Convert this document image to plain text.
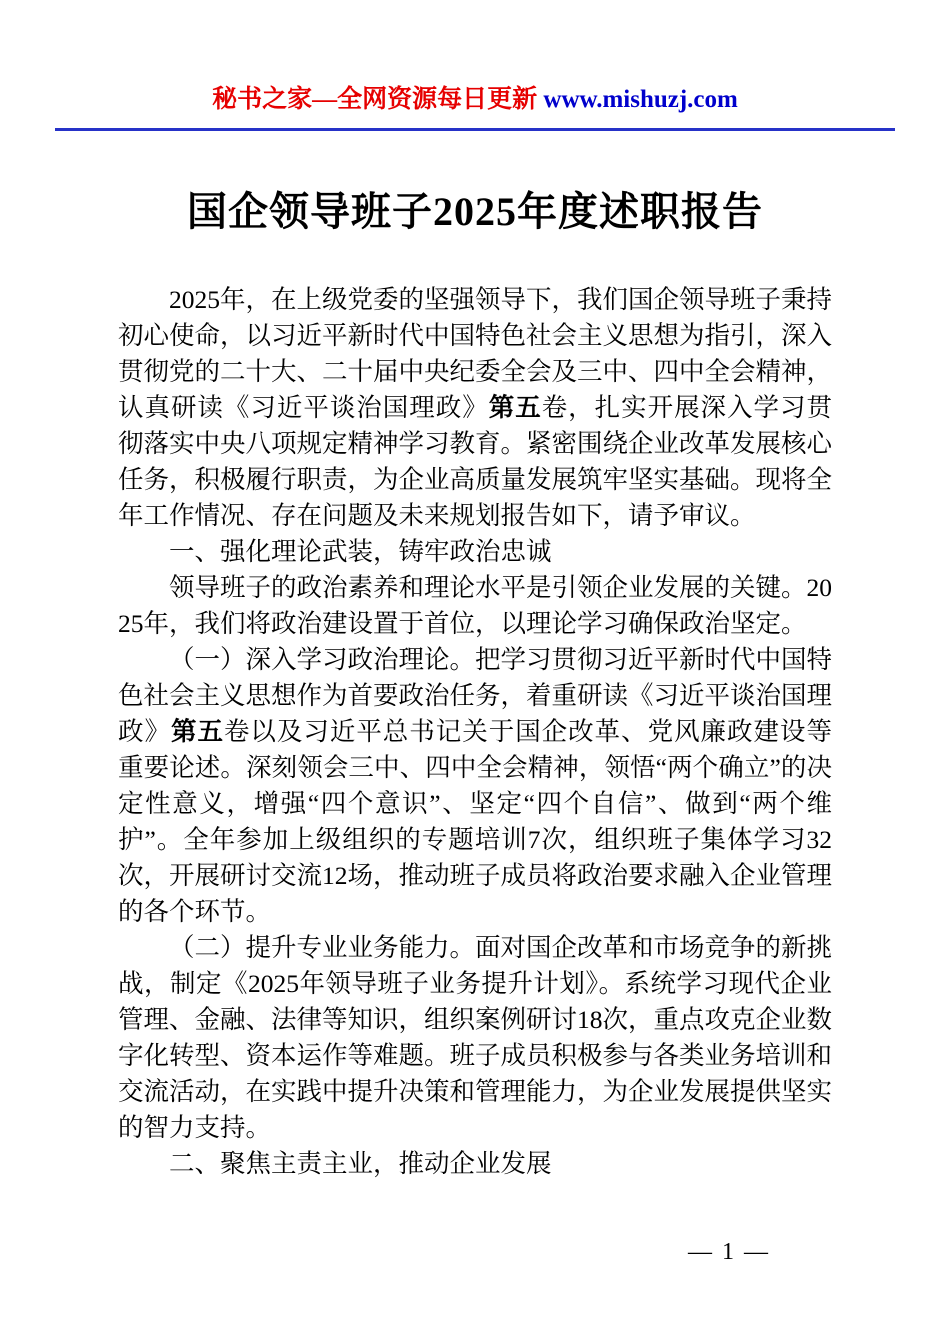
秘书之家—全网资源每日更新 www.mishuzj.com
国企领导班子2025年度述职报告

2025年，在上级党委的坚强领导下，我们国企领导班子秉持初心使命，以习近平新时代中国特色社会主义思想为指引，深入贯彻党的二十大、二十届中央纪委全会及三中、四中全会精神，认真研读《习近平谈治国理政》第五卷，扎实开展深入学习贯彻落实中央八项规定精神学习教育。紧密围绕企业改革发展核心任务，积极履行职责，为企业高质量发展筑牢坚实基础。现将全年工作情况、存在问题及未来规划报告如下，请予审议。

一、强化理论武装，铸牢政治忠诚

领导班子的政治素养和理论水平是引领企业发展的关键。2025年，我们将政治建设置于首位，以理论学习确保政治坚定。

（一）深入学习政治理论。把学习贯彻习近平新时代中国特色社会主义思想作为首要政治任务，着重研读《习近平谈治国理政》第五卷以及习近平总书记关于国企改革、党风廉政建设等重要论述。深刻领会三中、四中全会精神，领悟“两个确立”的决定性意义，增强“四个意识”、坚定“四个自信”、做到“两个维护”。全年参加上级组织的专题培训7次，组织班子集体学习32次，开展研讨交流12场，推动班子成员将政治要求融入企业管理的各个环节。

（二）提升专业业务能力。面对国企改革和市场竞争的新挑战，制定《2025年领导班子业务提升计划》。系统学习现代企业管理、金融、法律等知识，组织案例研讨18次，重点攻克企业数字化转型、资本运作等难题。班子成员积极参与各类业务培训和交流活动，在实践中提升决策和管理能力，为企业发展提供坚实的智力支持。

二、聚焦主责主业，推动企业发展

— 1 —
